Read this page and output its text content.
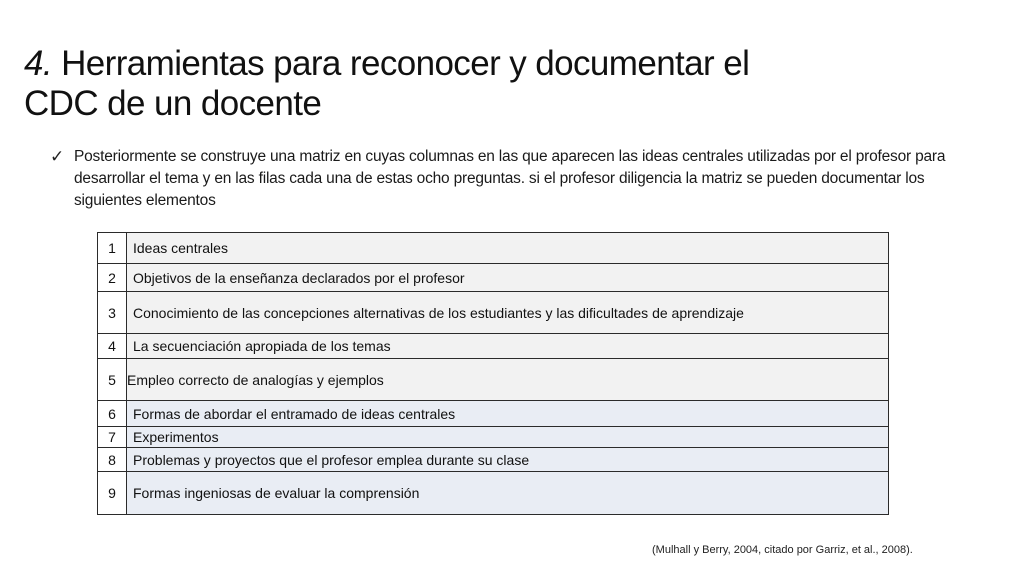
4. Herramientas para reconocer y documentar el
CDC de un docente
✓ Posteriormente se construye una matriz en cuyas columnas en las que aparecen las ideas centrales utilizadas por el profesor para desarrollar el tema y en las filas cada una de estas ocho preguntas. si el profesor diligencia la matriz se pueden documentar los siguientes elementos
1	Ideas centrales
2	Objetivos de la enseñanza declarados por el profesor
3	Conocimiento de las concepciones alternativas de los estudiantes y las dificultades de aprendizaje
4	La secuenciación apropiada de los temas
5	Empleo correcto de analogías y ejemplos
6	Formas de abordar el entramado de ideas centrales
7	Experimentos
8	Problemas y proyectos que el profesor emplea durante su clase
9	Formas ingeniosas de evaluar la comprensión
(Mulhall y Berry, 2004, citado por Garriz, et al., 2008).
